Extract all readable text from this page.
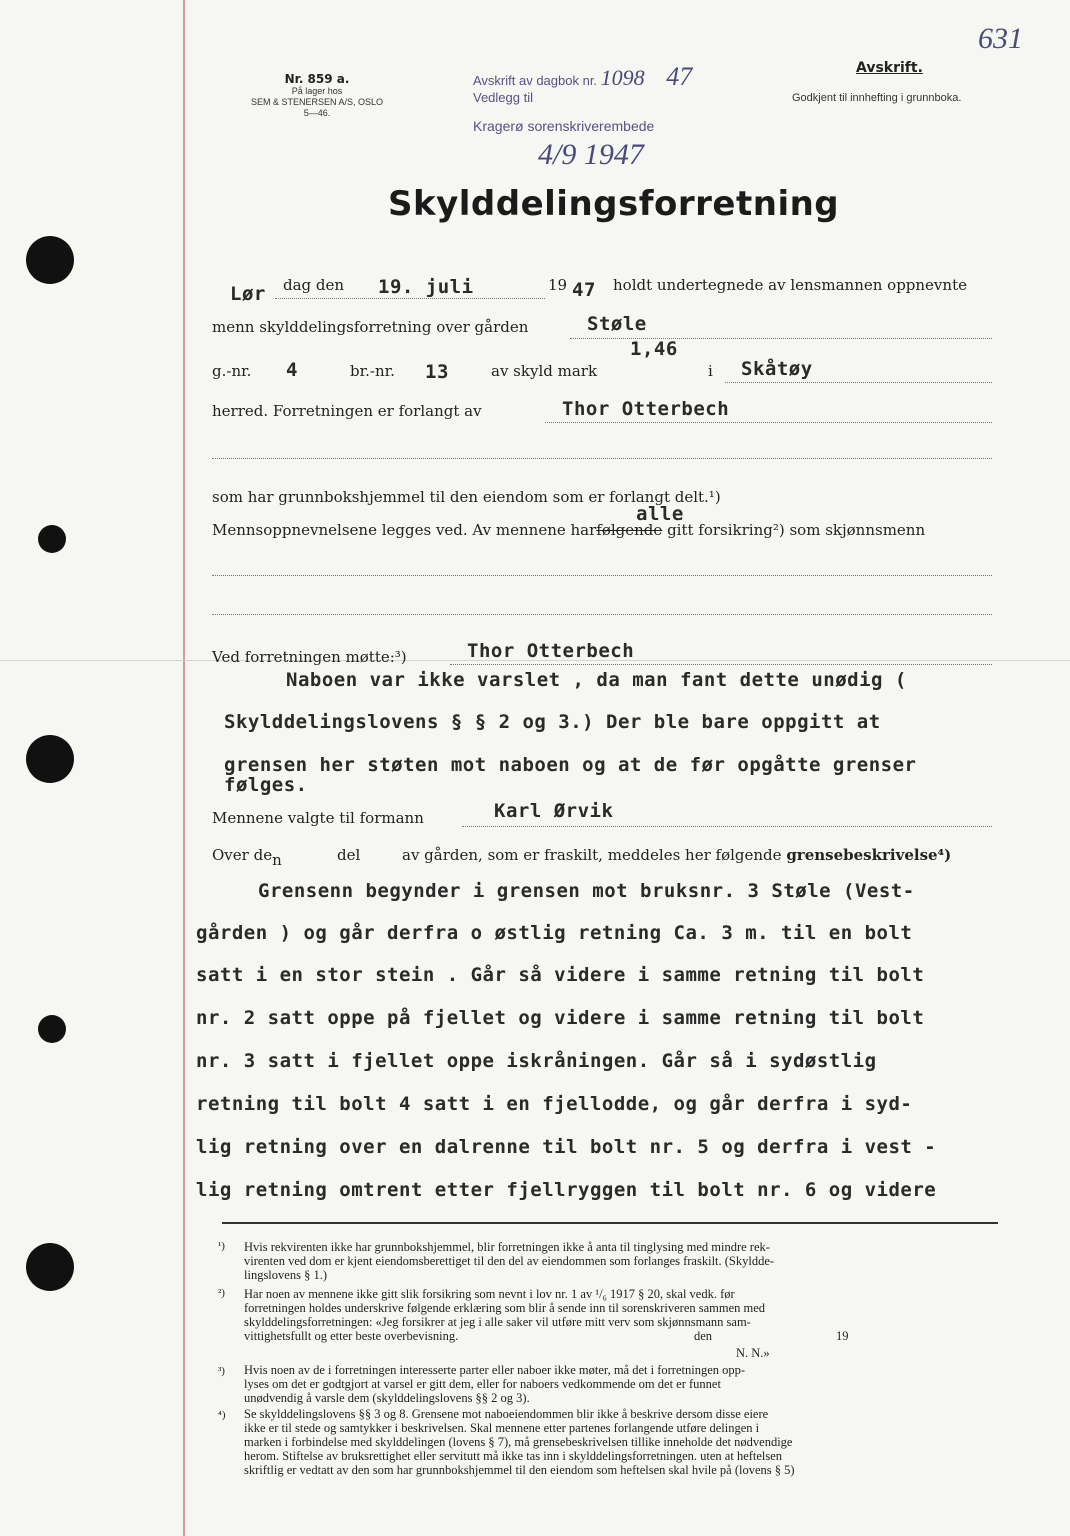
631
Nr. 859 a.
På lager hos
SEM & STENERSEN A/S, OSLO
5—46.
Avskrift av dagbok nr. 1098 47
Vedlegg til
Kragerø sorenskriverembede
4/9 1947
Avskrift.
Godkjent til innhefting i grunnboka.
Skylddelingsforretning
Lør dag den 19. juli	19 47 holdt undertegnede av lensmannen oppnevnte
menn skylddelingsforretning over gården	Støle
g.-nr. 4	br.-nr. 13	av skyld mark
1,46
i Skåtøy
herred. Forretningen er forlangt av	Thor Otterbech
som har grunnbokshjemmel til den eiendom som er forlangt delt.¹)
alle
Mennsoppnevnelsene legges ved. Av mennene harfølgende gitt forsikring²) som skjønnsmenn
Ved forretningen møtte:³)	Thor Otterbech
Naboen var ikke varslet , da man fant dette unødig (
Skylddelingslovens § § 2 og 3.) Der ble bare oppgitt at
grensen her støten mot naboen og at de før opgåtte grenser
følges.
Mennene valgte til formann	Karl Ørvik
Over den	del	av gården, som er fraskilt, meddeles her følgende grensebeskrivelse⁴)
Grensenn begynder i grensen mot bruksnr. 3 Støle (Vest-
gården ) og går derfra o østlig retning Ca. 3 m. til en bolt
satt i en stor stein . Går så videre i samme retning til bolt
nr. 2 satt oppe på fjellet og videre i samme retning til bolt
nr. 3 satt i fjellet oppe iskråningen. Går så i sydøstlig
retning til bolt 4 satt i en fjellodde, og går derfra i syd-
lig retning over en dalrenne til bolt nr. 5 og derfra i vest -
lig retning omtrent etter fjellryggen til bolt nr. 6 og videre
¹) Hvis rekvirenten ikke har grunnbokshjemmel, blir forretningen ikke å anta til tinglysing med mindre rek-
virenten ved dom er kjent eiendomsberettiget til den del av eiendommen som forlanges fraskilt. (Skyldde-
lingslovens § 1.)
²) Har noen av mennene ikke gitt slik forsikring som nevnt i lov nr. 1 av ¹/₆ 1917 § 20, skal vedk. før
forretningen holdes underskrive følgende erklæring som blir å sende inn til sorenskriveren sammen med
skylddelingsforretningen: «Jeg forsikrer at jeg i alle saker vil utføre mitt verv som skjønnsmann sam-
vittighetsfullt og etter beste overbevisning.	den	19
N. N.»
³) Hvis noen av de i forretningen interesserte parter eller naboer ikke møter, må det i forretningen opp-
lyses om det er godtgjort at varsel er gitt dem, eller for naboers vedkommende om det er funnet
unødvendig å varsle dem (skylddelingslovens §§ 2 og 3).
⁴) Se skylddelingslovens §§ 3 og 8. Grensene mot naboeiendommen blir ikke å beskrive dersom disse eiere
ikke er til stede og samtykker i beskrivelsen. Skal mennene etter partenes forlangende utføre delingen i
marken i forbindelse med skylddelingen (lovens § 7), må grensebeskrivelsen tillike inneholde det nødvendige
herom. Stiftelse av bruksrettighet eller servitutt må ikke tas inn i skylddelingsforretningen. uten at heftelsen
skriftlig er vedtatt av den som har grunnbokshjemmel til den eiendom som heftelsen skal hvile på (lovens § 5)
